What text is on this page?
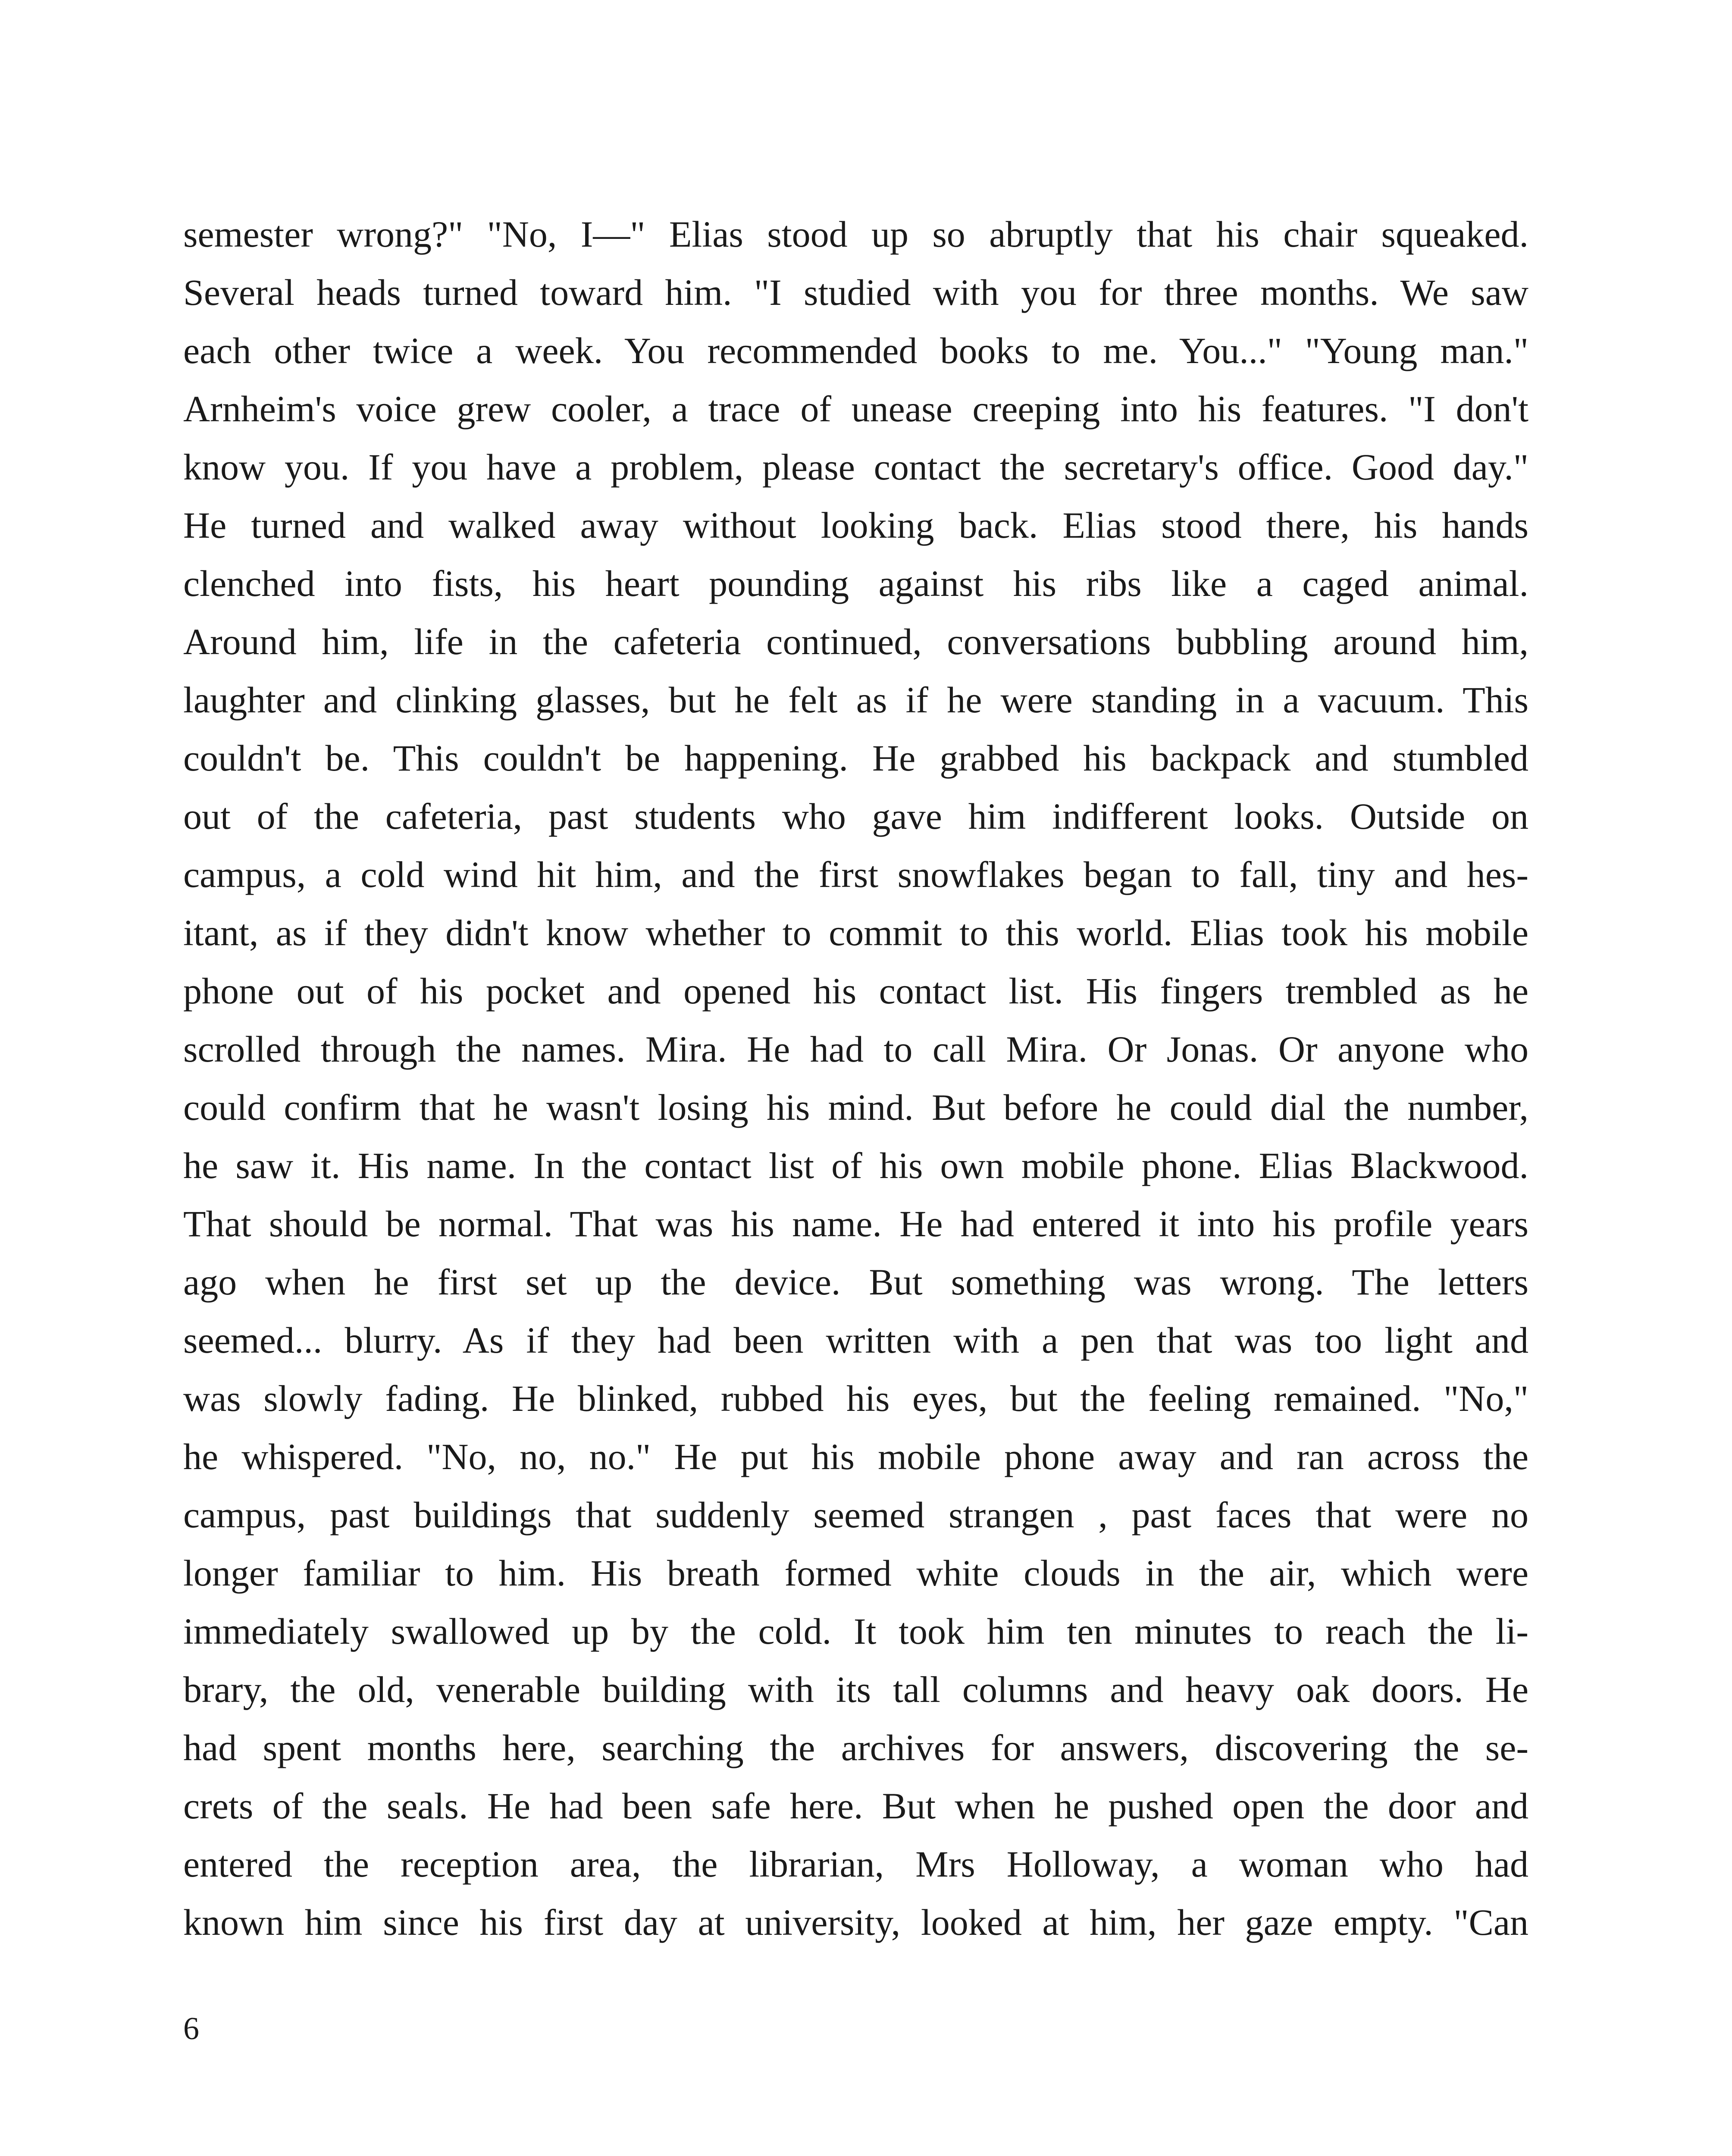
semester wrong?" "No, I—" Elias stood up so abruptly that his chair squeaked.
Several heads turned toward him. "I studied with you for three months. We saw
each other twice a week. You recommended books to me. You..." "Young man."
Arnheim's voice grew cooler, a trace of unease creeping into his features. "I don't
know you. If you have a problem, please contact the secretary's office. Good day."
He turned and walked away without looking back. Elias stood there, his hands
clenched into fists, his heart pounding against his ribs like a caged animal.
Around him, life in the cafeteria continued, conversations bubbling around him,
laughter and clinking glasses, but he felt as if he were standing in a vacuum. This
couldn't be. This couldn't be happening. He grabbed his backpack and stumbled
out of the cafeteria, past students who gave him indifferent looks. Outside on
campus, a cold wind hit him, and the first snowflakes began to fall, tiny and hes-
itant, as if they didn't know whether to commit to this world. Elias took his mobile
phone out of his pocket and opened his contact list. His fingers trembled as he
scrolled through the names. Mira. He had to call Mira. Or Jonas. Or anyone who
could confirm that he wasn't losing his mind. But before he could dial the number,
he saw it. His name. In the contact list of his own mobile phone. Elias Blackwood.
That should be normal. That was his name. He had entered it into his profile years
ago when he first set up the device. But something was wrong. The letters
seemed... blurry. As if they had been written with a pen that was too light and
was slowly fading. He blinked, rubbed his eyes, but the feeling remained. "No,"
he whispered. "No, no, no." He put his mobile phone away and ran across the
campus, past buildings that suddenly seemed strangen , past faces that were no
longer familiar to him. His breath formed white clouds in the air, which were
immediately swallowed up by the cold. It took him ten minutes to reach the li-
brary, the old, venerable building with its tall columns and heavy oak doors. He
had spent months here, searching the archives for answers, discovering the se-
crets of the seals. He had been safe here. But when he pushed open the door and
entered the reception area, the librarian, Mrs Holloway, a woman who had
known him since his first day at university, looked at him, her gaze empty. "Can
6
